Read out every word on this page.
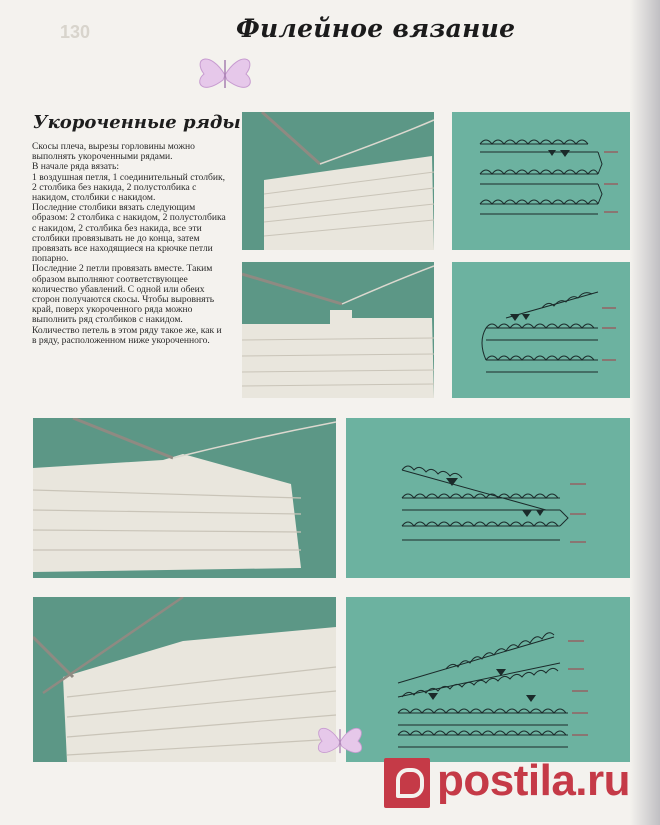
130	Филейное вязание
Укороченные ряды

Скосы плеча, вырезы горловины можно выполнять укороченными рядами.

В начале ряда вязать:

1 воздушная петля, 1 соединительный столбик, 2 столбика без накида, 2 полустолбика с накидом, столбики с накидом.

Последние столбики вязать следующим образом: 2 столбика с накидом, 2 полустолбика с накидом, 2 столбика без накида, все эти столбики провязывать не до конца, затем провязать все находящиеся на крючке петли попарно.

Последние 2 петли провязать вместе. Таким образом выполняют соответствующее количество убавлений. С одной или обеих сторон получаются скосы. Чтобы выровнять край, поверх укороченного ряда можно выполнить ряд столбиков с накидом. Количество петель в этом ряду такое же, как и в ряду, расположенном ниже укороченного.

postila.ru
